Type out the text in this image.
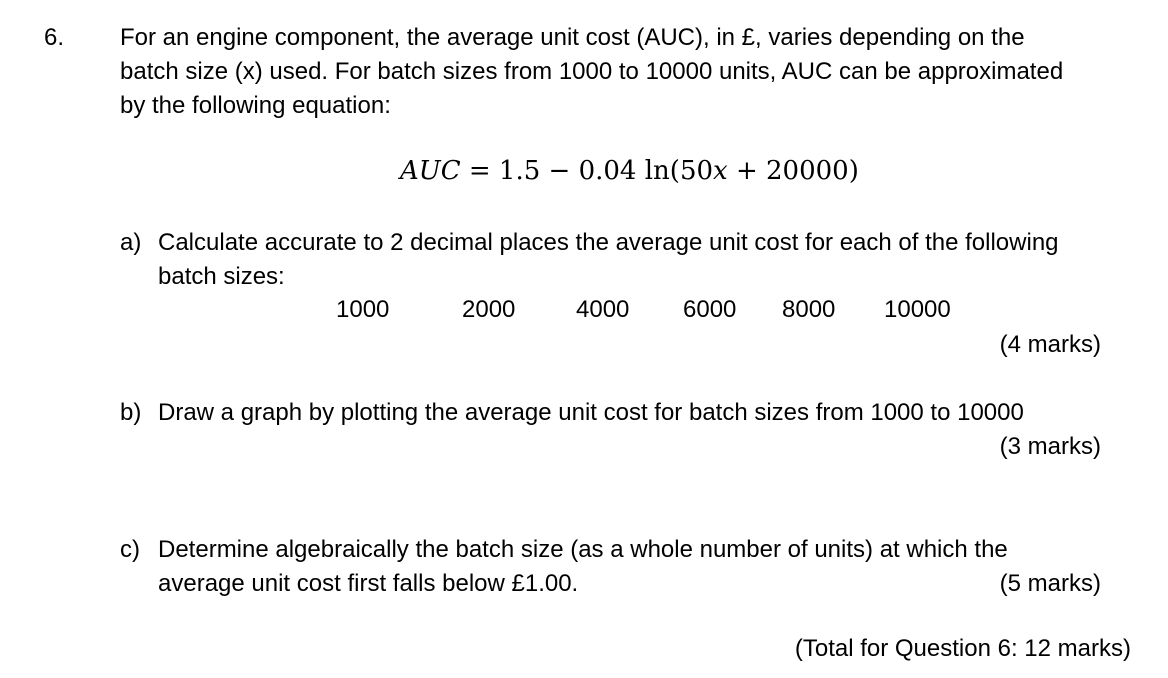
6. For an engine component, the average unit cost (AUC), in £, varies depending on the
batch size (x) used. For batch sizes from 1000 to 10000 units, AUC can be approximated
by the following equation:
AUC = 1.5 − 0.04 ln(50x + 20000)
a) Calculate accurate to 2 decimal places the average unit cost for each of the following
batch sizes:
1000	2000	4000 6000 8000 10000
(4 marks)
b) Draw a graph by plotting the average unit cost for batch sizes from 1000 to 10000
(3 marks)
c) Determine algebraically the batch size (as a whole number of units) at which the
average unit cost first falls below £1.00.	(5 marks)
(Total for Question 6: 12 marks)
